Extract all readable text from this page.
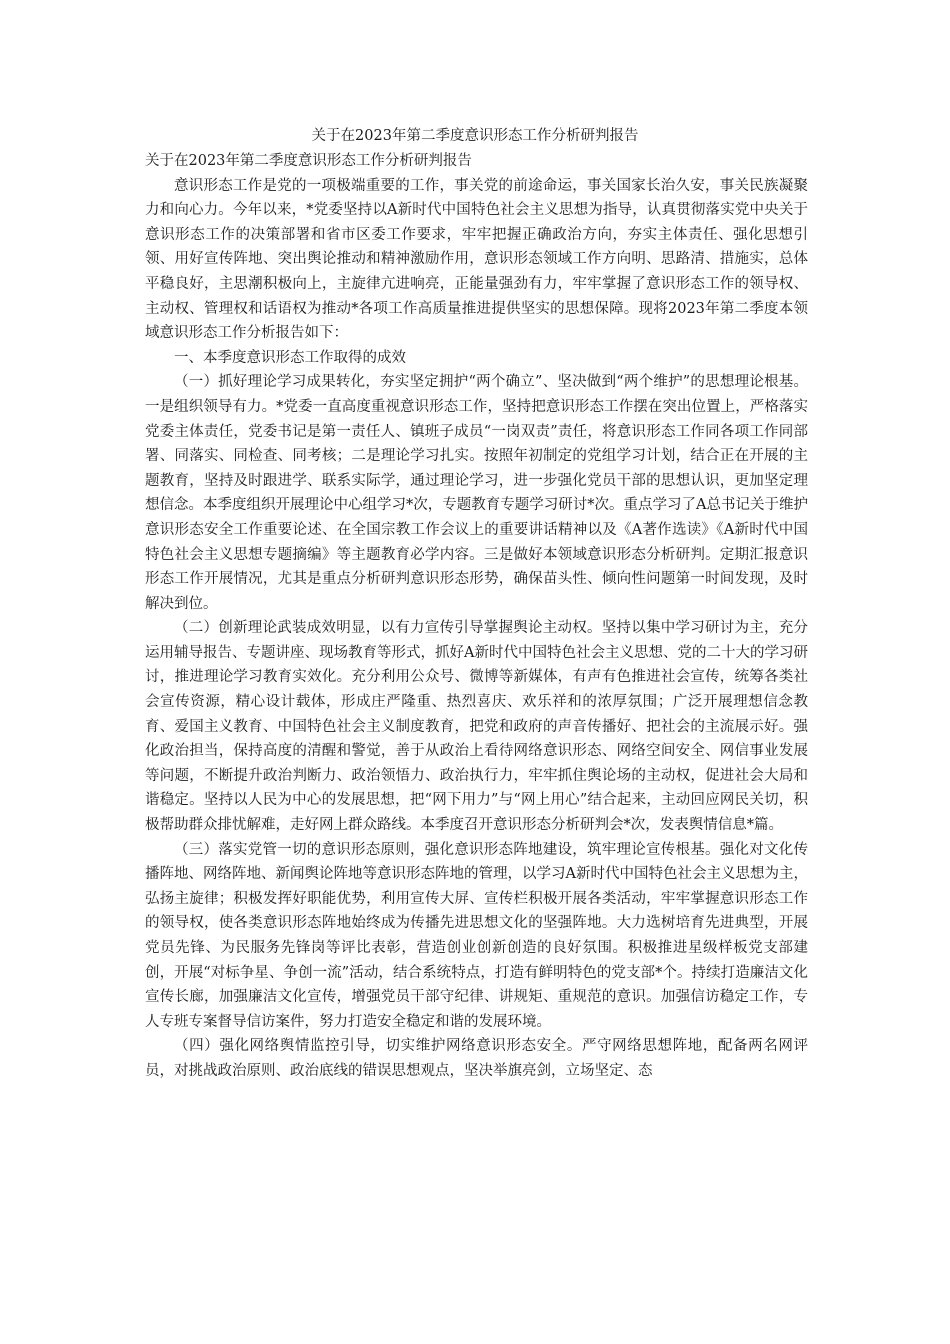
关于在2023年第二季度意识形态工作分析研判报告

关于在2023年第二季度意识形态工作分析研判报告

意识形态工作是党的一项极端重要的工作，事关党的前途命运，事关国家长治久安，事关民族凝聚力和向心力。今年以来，*党委坚持以A新时代中国特色社会主义思想为指导，认真贯彻落实党中央关于意识形态工作的决策部署和省市区委工作要求，牢牢把握正确政治方向，夯实主体责任、强化思想引领、用好宣传阵地、突出舆论推动和精神激励作用，意识形态领域工作方向明、思路清、措施实，总体平稳良好，主思潮积极向上，主旋律亢进响亮，正能量强劲有力，牢牢掌握了意识形态工作的领导权、主动权、管理权和话语权为推动*各项工作高质量推进提供坚实的思想保障。现将2023年第二季度本领域意识形态工作分析报告如下：

一、本季度意识形态工作取得的成效

（一）抓好理论学习成果转化，夯实坚定拥护“两个确立”、坚决做到“两个维护”的思想理论根基。一是组织领导有力。*党委一直高度重视意识形态工作，坚持把意识形态工作摆在突出位置上，严格落实党委主体责任，党委书记是第一责任人、镇班子成员“一岗双责”责任，将意识形态工作同各项工作同部署、同落实、同检查、同考核；二是理论学习扎实。按照年初制定的党组学习计划，结合正在开展的主题教育，坚持及时跟进学、联系实际学，通过理论学习，进一步强化党员干部的思想认识，更加坚定理想信念。本季度组织开展理论中心组学习*次，专题教育专题学习研讨*次。重点学习了A总书记关于维护意识形态安全工作重要论述、在全国宗教工作会议上的重要讲话精神以及《A著作选读》《A新时代中国特色社会主义思想专题摘编》等主题教育必学内容。三是做好本领域意识形态分析研判。定期汇报意识形态工作开展情况，尤其是重点分析研判意识形态形势，确保苗头性、倾向性问题第一时间发现，及时解决到位。

（二）创新理论武装成效明显，以有力宣传引导掌握舆论主动权。坚持以集中学习研讨为主，充分运用辅导报告、专题讲座、现场教育等形式，抓好A新时代中国特色社会主义思想、党的二十大的学习研讨，推进理论学习教育实效化。充分利用公众号、微博等新媒体，有声有色推进社会宣传，统筹各类社会宣传资源，精心设计载体，形成庄严隆重、热烈喜庆、欢乐祥和的浓厚氛围；广泛开展理想信念教育、爱国主义教育、中国特色社会主义制度教育，把党和政府的声音传播好、把社会的主流展示好。强化政治担当，保持高度的清醒和警觉，善于从政治上看待网络意识形态、网络空间安全、网信事业发展等问题，不断提升政治判断力、政治领悟力、政治执行力，牢牢抓住舆论场的主动权，促进社会大局和谐稳定。坚持以人民为中心的发展思想，把“网下用力”与“网上用心”结合起来，主动回应网民关切，积极帮助群众排忧解难，走好网上群众路线。本季度召开意识形态分析研判会*次，发表舆情信息*篇。

（三）落实党管一切的意识形态原则，强化意识形态阵地建设，筑牢理论宣传根基。强化对文化传播阵地、网络阵地、新闻舆论阵地等意识形态阵地的管理，以学习A新时代中国特色社会主义思想为主，弘扬主旋律；积极发挥好职能优势，利用宣传大屏、宣传栏积极开展各类活动，牢牢掌握意识形态工作的领导权，使各类意识形态阵地始终成为传播先进思想文化的坚强阵地。大力选树培育先进典型，开展党员先锋、为民服务先锋岗等评比表彰，营造创业创新创造的良好氛围。积极推进星级样板党支部建创，开展“对标争星、争创一流”活动，结合系统特点，打造有鲜明特色的党支部*个。持续打造廉洁文化宣传长廊，加强廉洁文化宣传，增强党员干部守纪律、讲规矩、重规范的意识。加强信访稳定工作，专人专班专案督导信访案件，努力打造安全稳定和谐的发展环境。

（四）强化网络舆情监控引导，切实维护网络意识形态安全。严守网络思想阵地，配备两名网评员，对挑战政治原则、政治底线的错误思想观点，坚决举旗亮剑，立场坚定、态
